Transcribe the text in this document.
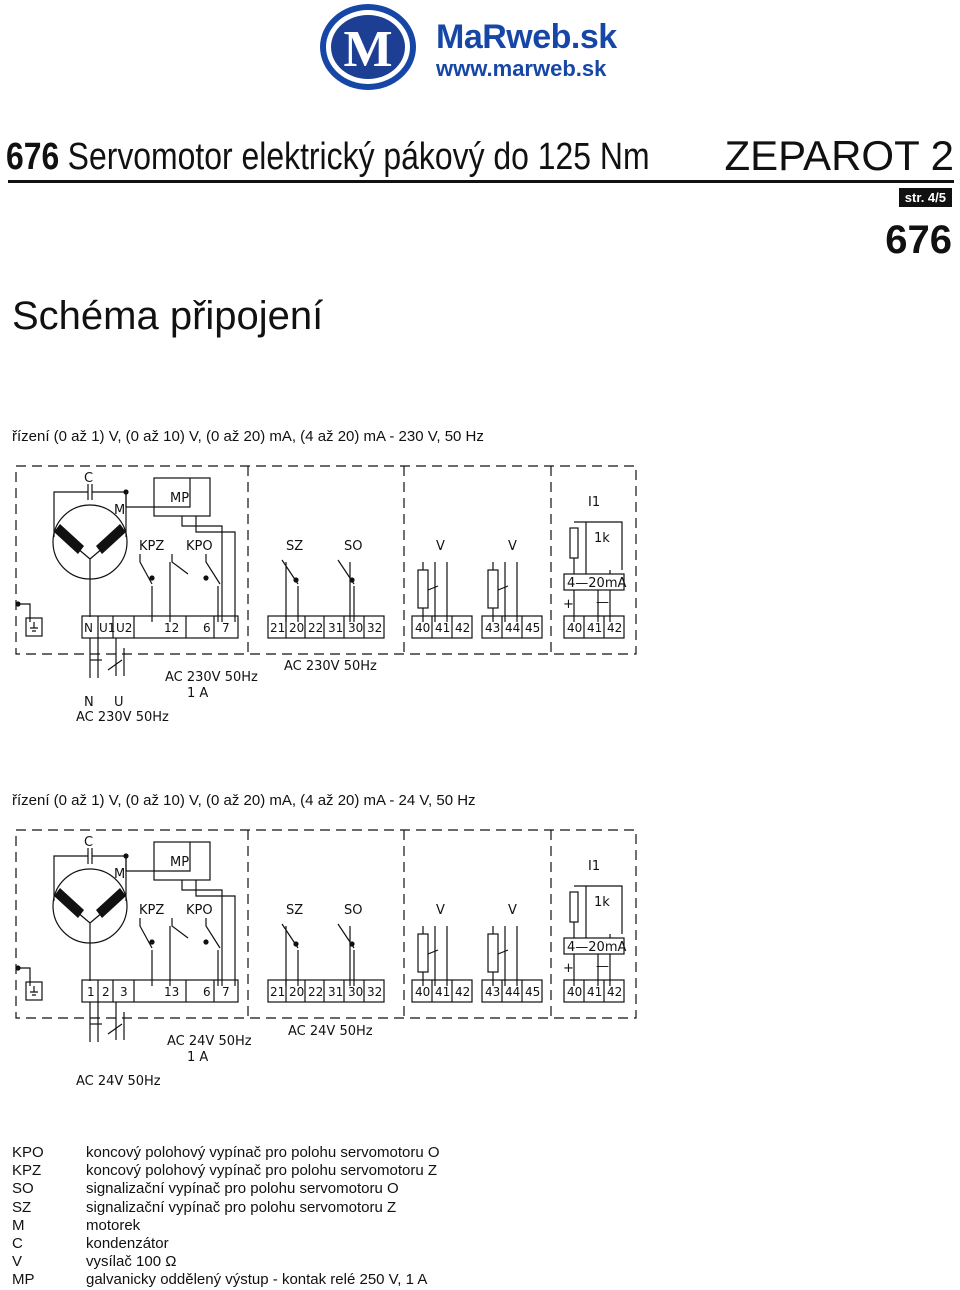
M MaRweb.sk
www.marweb.sk
676 Servomotor elektrický pákový do 125 Nm ZEPAROT 2
str. 4/5
676
Schéma připojení
řízení (0 až 1) V, (0 až 10) V, (0 až 20) mA, (4 až 20) mA - 230 V, 50 Hz
C
M
MP
KPZ KPO	SZ	SO	V	V
I1
1k
4—20mA
+ —
N U1 U2	12 6 7	21 20 22 31 30 32	40 41 42 43 44 45 40 41 42
AC 230V 50Hz
1 A
AC 230V 50Hz
N U
AC 230V 50Hz
řízení (0 až 1) V, (0 až 10) V, (0 až 20) mA, (4 až 20) mA - 24 V, 50 Hz
C
M
MP
KPZ KPO	SZ	SO	V	V
I1
1k
4—20mA
+ —
1 2 3	13 6 7	21 20 22 31 30 32	40 41 42 43 44 45 40 41 42
AC 24V 50Hz
1 A
AC 24V 50Hz
AC 24V 50Hz
KPO	koncový polohový vypínač pro polohu servomotoru O
KPZ	koncový polohový vypínač pro polohu servomotoru Z
SO	signalizační vypínač pro polohu servomotoru O
SZ	signalizační vypínač pro polohu servomotoru Z
M	motorek
C	kondenzátor
V	vysílač 100 Ω
MP	galvanicky oddělený výstup - kontak relé 250 V, 1 A
